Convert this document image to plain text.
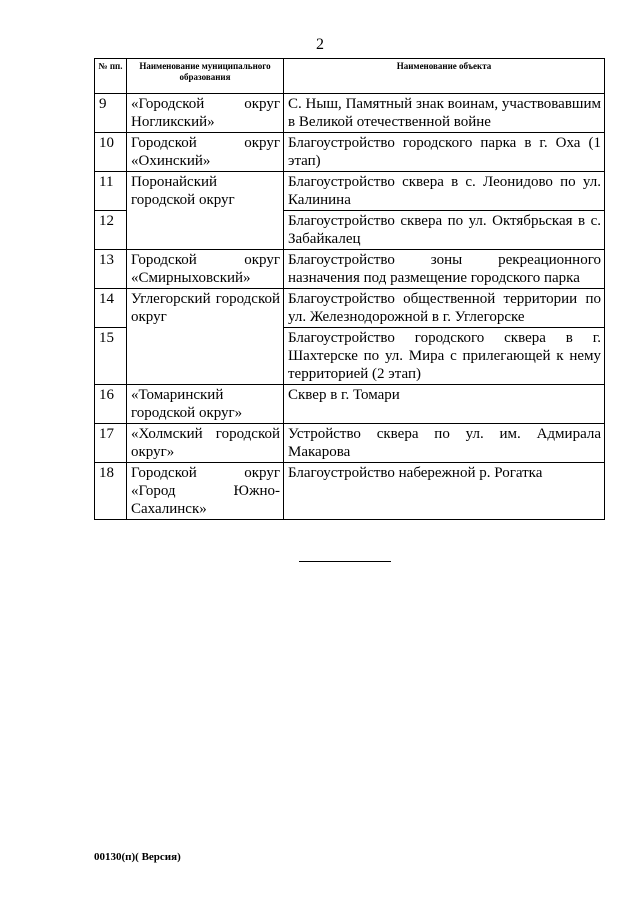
2
№ пп.	Наименование муниципального образования	Наименование объекта
9	«Городской округ Ногликский»	С. Ныш, Памятный знак воинам, участвовавшим в Великой отечественной войне
10	Городской округ «Охинский»	Благоустройство городского парка в г. Оха (1 этап)
11	Поронайский городской округ	Благоустройство сквера в с. Леонидово по ул. Калинина
12		Благоустройство сквера по ул. Октябрьская в с. Забайкалец
13	Городской округ «Смирныховский»	Благоустройство зоны рекреационного назначения под размещение городского парка
14	Углегорский городской округ	Благоустройство общественной территории по ул. Железнодорожной в г. Углегорске
15		Благоустройство городского сквера в г. Шахтерске по ул. Мира с прилегающей к нему территорией (2 этап)
16	«Томаринский городской округ»	Сквер в г. Томари
17	«Холмский городской округ»	Устройство сквера по ул. им. Адмирала Макарова
18	Городской округ «Город Южно-Сахалинск»	Благоустройство набережной р. Рогатка
00130(п)( Версия)
